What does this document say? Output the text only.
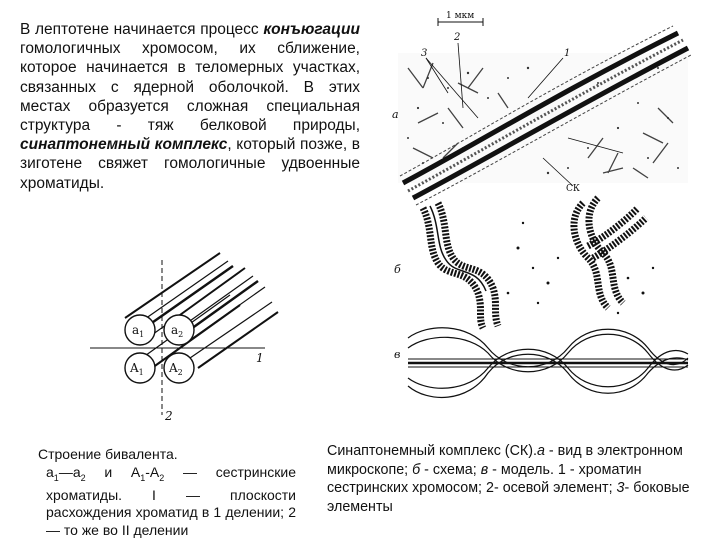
В лептотене начинается процесс конъюгации гомологичных хромосом, их сближение, которое начинается в теломерных участках, связанных с ядерной оболочкой. В этих местах образуется сложная специальная структура - тяж белковой природы, синаптонемный комплекс, который позже, в зиготене свяжет гомологичные удвоенные хроматиды.
$a_1$ $a_2$
$A_1$ $A_2$
1
2
1 мкм
а
б
в
СК
3
2
1
Строение бивалента.
$а_1—а_2$ и $А_1-А_2$ — сестринские хроматиды. I — плоскости расхождения хроматид в 1 делении; 2— то же во II делении
Синаптонемный комплекс (СК).а - вид в электронном микроскопе; б - схема; в - модель. 1 - хроматин сестринских хромосом; 2- осевой элемент; 3- боковые элементы
